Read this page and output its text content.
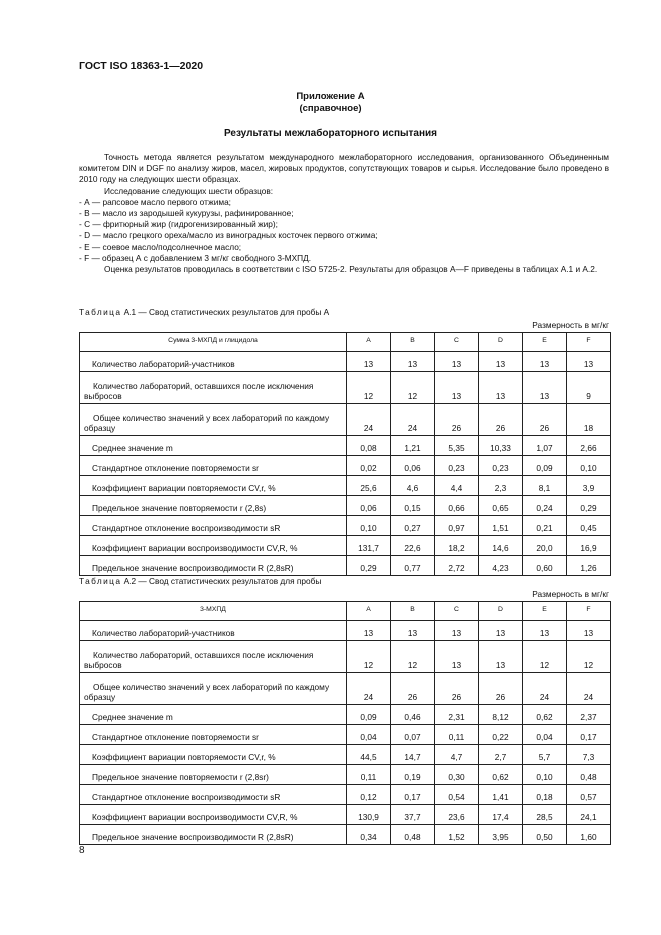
ГОСТ ISO 18363-1—2020
Приложение А
(справочное)
Результаты межлабораторного испытания

Точность метода является результатом международного межлабораторного исследования, организованного Объединенным комитетом DIN и DGF по анализу жиров, масел, жировых продуктов, сопутствующих товаров и сырья. Исследование было проведено в 2010 году на следующих шести образцах.

Исследование следующих шести образцов:

- А — рапсовое масло первого отжима;

- В — масло из зародышей кукурузы, рафинированное;

- С — фритюрный жир (гидрогенизированный жир);

- D — масло грецкого ореха/масло из виноградных косточек первого отжима;

- Е — соевое масло/подсолнечное масло;

- F — образец А с добавлением 3 мг/кг свободного 3-МХПД.

Оценка результатов проводилась в соответствии с ISO 5725-2. Результаты для образцов А—F приведены в таблицах А.1 и А.2.

Таблица А.1 — Свод статистических результатов для пробы А
Размерность в мг/кг
Сумма 3-МХПД и глицидола	А	В	С	D	Е	F
Количество лабораторий-участников	13	13	13	13	13	13
Количество лабораторий, оставшихся после исключения выбросов	12	12	13	13	13	9
Общее количество значений у всех лабораторий по каждому образцу	24	24	26	26	26	18
Среднее значение m	0,08	1,21	5,35	10,33	1,07	2,66
Стандартное отклонение повторяемости sr	0,02	0,06	0,23	0,23	0,09	0,10
Коэффициент вариации повторяемости CV,r, %	25,6	4,6	4,4	2,3	8,1	3,9
Предельное значение повторяемости r (2,8s)	0,06	0,15	0,66	0,65	0,24	0,29
Стандартное отклонение воспроизводимости sR	0,10	0,27	0,97	1,51	0,21	0,45
Коэффициент вариации воспроизводимости CV,R, %	131,7	22,6	18,2	14,6	20,0	16,9
Предельное значение воспроизводимости R (2,8sR)	0,29	0,77	2,72	4,23	0,60	1,26
Таблица А.2 — Свод статистических результатов для пробы
Размерность в мг/кг
3-МХПД	А	В	С	D	Е	F
Количество лабораторий-участников	13	13	13	13	13	13
Количество лабораторий, оставшихся после исключения выбросов	12	12	13	13	12	12
Общее количество значений у всех лабораторий по каждому образцу	24	26	26	26	24	24
Среднее значение m	0,09	0,46	2,31	8,12	0,62	2,37
Стандартное отклонение повторяемости sr	0,04	0,07	0,11	0,22	0,04	0,17
Коэффициент вариации повторяемости CV,r, %	44,5	14,7	4,7	2,7	5,7	7,3
Предельное значение повторяемости r (2,8sr)	0,11	0,19	0,30	0,62	0,10	0,48
Стандартное отклонение воспроизводимости sR	0,12	0,17	0,54	1,41	0,18	0,57
Коэффициент вариации воспроизводимости CV,R, %	130,9	37,7	23,6	17,4	28,5	24,1
Предельное значение воспроизводимости R (2,8sR)	0,34	0,48	1,52	3,95	0,50	1,60
8
